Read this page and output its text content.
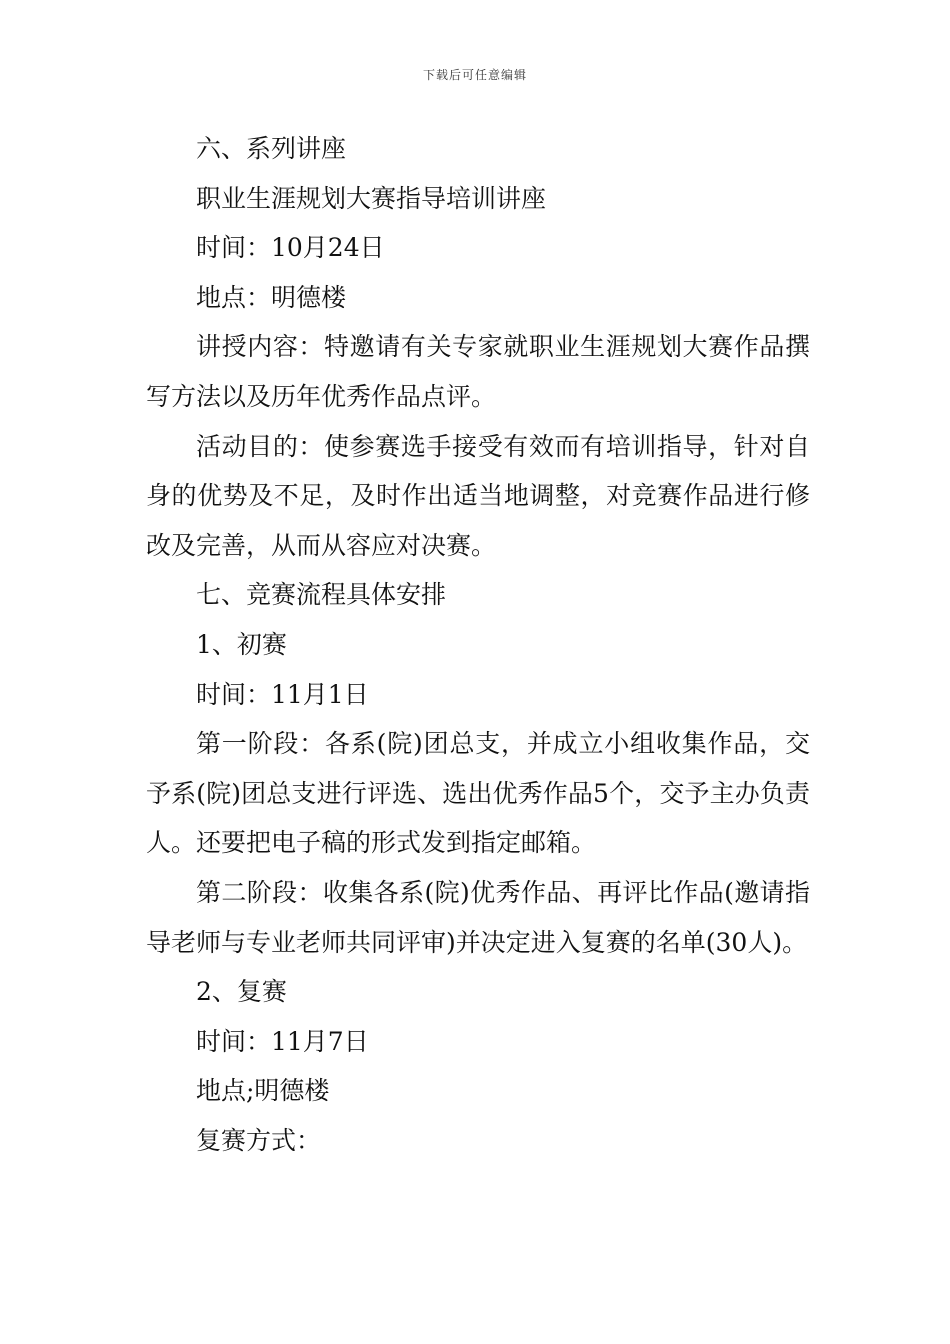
下载后可任意编辑

六、系列讲座

职业生涯规划大赛指导培训讲座

时间：10月24日

地点：明德楼

讲授内容：特邀请有关专家就职业生涯规划大赛作品撰写方法以及历年优秀作品点评。

活动目的：使参赛选手接受有效而有培训指导，针对自身的优势及不足，及时作出适当地调整，对竞赛作品进行修改及完善，从而从容应对决赛。

七、竞赛流程具体安排

1、初赛

时间：11月1日

第一阶段：各系(院)团总支，并成立小组收集作品，交予系(院)团总支进行评选、选出优秀作品5个，交予主办负责人。还要把电子稿的形式发到指定邮箱。

第二阶段：收集各系(院)优秀作品、再评比作品(邀请指导老师与专业老师共同评审)并决定进入复赛的名单(30人)。

2、复赛

时间：11月7日

地点;明德楼

复赛方式：
